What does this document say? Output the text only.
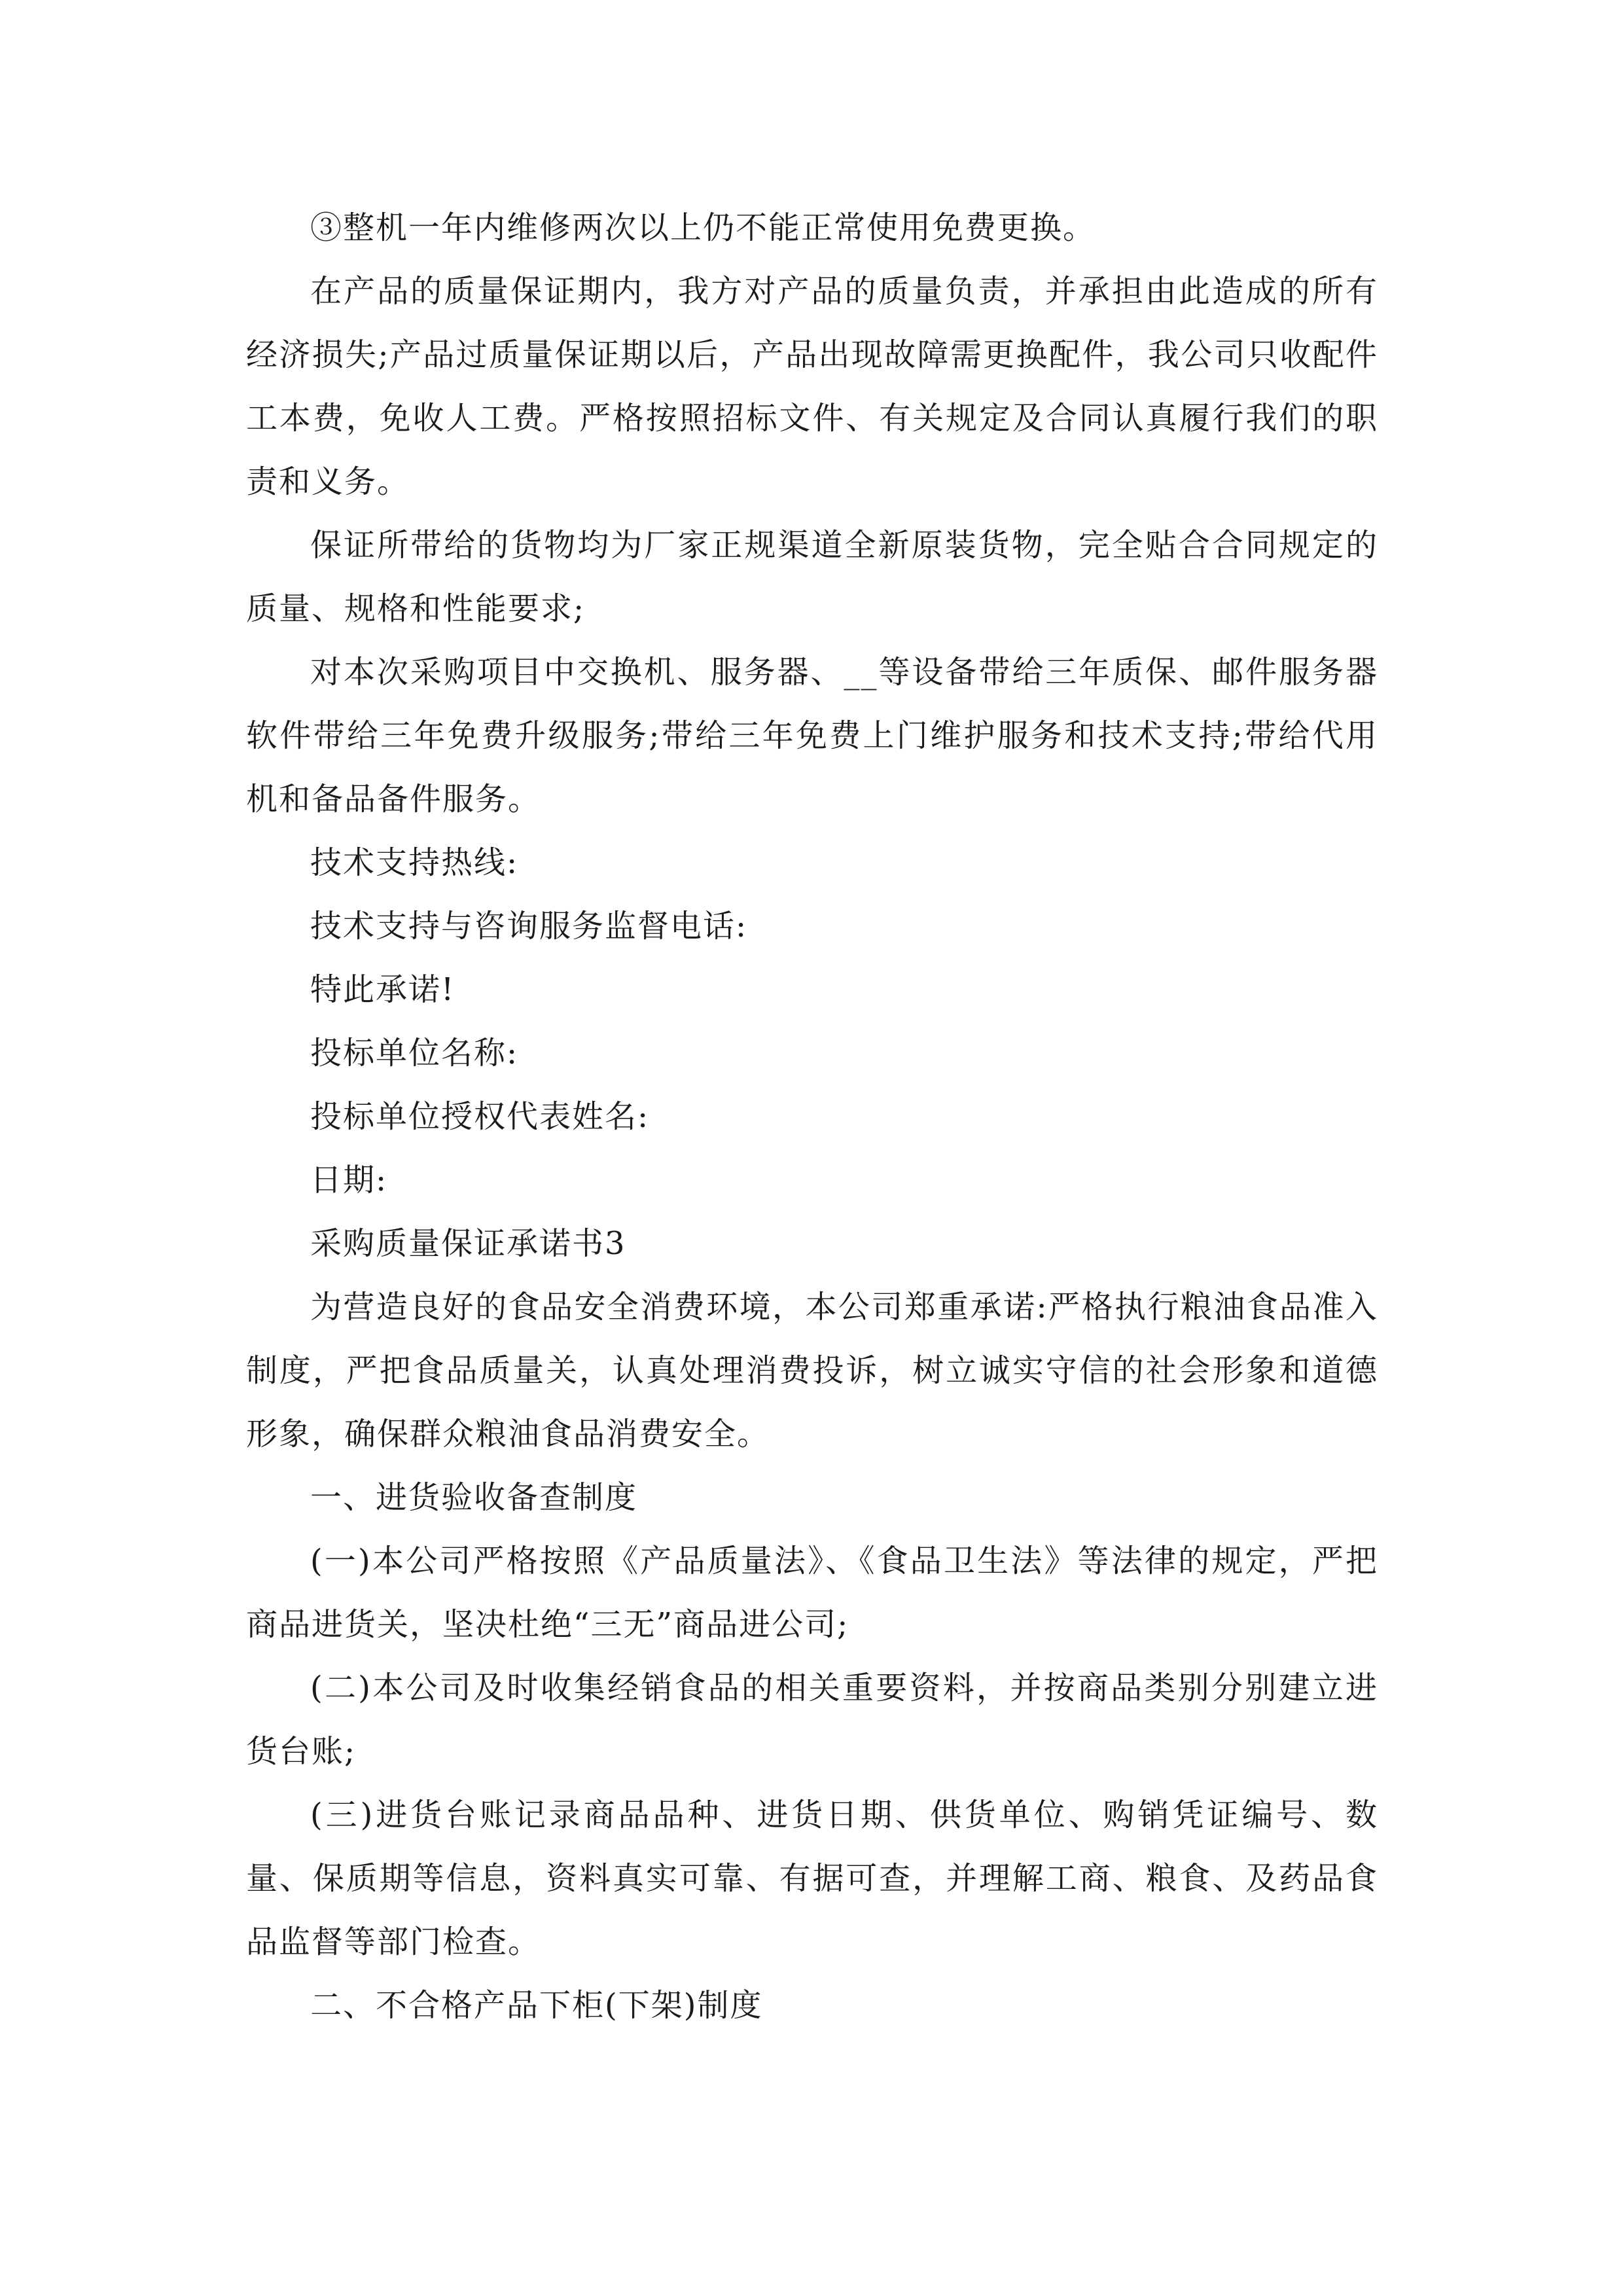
③整机一年内维修两次以上仍不能正常使用免费更换。

在产品的质量保证期内，我方对产品的质量负责，并承担由此造成的所有经济损失;产品过质量保证期以后，产品出现故障需更换配件，我公司只收配件工本费，免收人工费。严格按照招标文件、有关规定及合同认真履行我们的职责和义务。

保证所带给的货物均为厂家正规渠道全新原装货物，完全贴合合同规定的质量、规格和性能要求;

对本次采购项目中交换机、服务器、__等设备带给三年质保、邮件服务器软件带给三年免费升级服务;带给三年免费上门维护服务和技术支持;带给代用机和备品备件服务。

技术支持热线:

技术支持与咨询服务监督电话:

特此承诺!

投标单位名称:

投标单位授权代表姓名:

日期:

采购质量保证承诺书3

为营造良好的食品安全消费环境，本公司郑重承诺:严格执行粮油食品准入制度，严把食品质量关，认真处理消费投诉，树立诚实守信的社会形象和道德形象，确保群众粮油食品消费安全。

一、进货验收备查制度

(一)本公司严格按照《产品质量法》、《食品卫生法》等法律的规定，严把商品进货关，坚决杜绝“三无”商品进公司;

(二)本公司及时收集经销食品的相关重要资料，并按商品类别分别建立进货台账;

(三)进货台账记录商品品种、进货日期、供货单位、购销凭证编号、数量、保质期等信息，资料真实可靠、有据可查，并理解工商、粮食、及药品食品监督等部门检查。

二、不合格产品下柜(下架)制度
